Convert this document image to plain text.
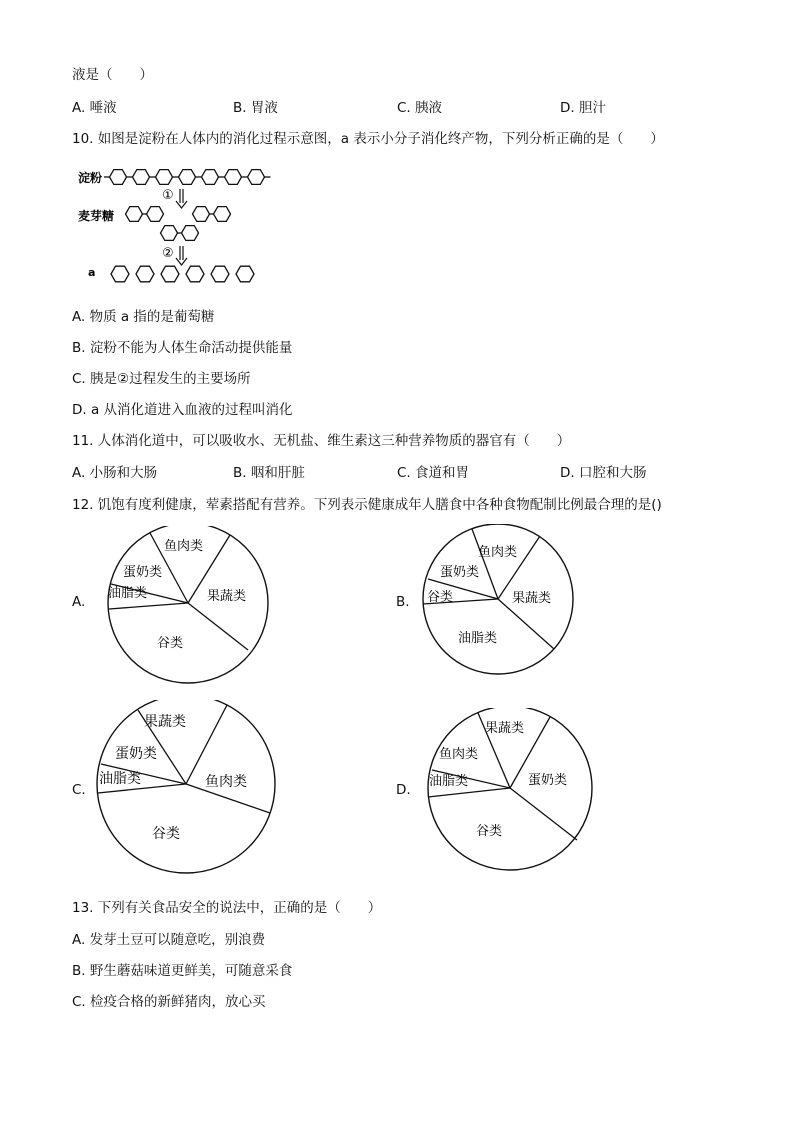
液是（　　）
A. 唾液	B. 胃液	C. 胰液	D. 胆汁
10. 如图是淀粉在人体内的消化过程示意图，a 表示小分子消化终产物，下列分析正确的是（　　）
淀粉
麦芽糖
a
①
②
A. 物质 a 指的是葡萄糖
B. 淀粉不能为人体生命活动提供能量
C. 胰是②过程发生的主要场所
D. a 从消化道进入血液的过程叫消化
11. 人体消化道中，可以吸收水、无机盐、维生素这三种营养物质的器官有（　　）
A. 小肠和大肠	B. 咽和肝脏	C. 食道和胃	D. 口腔和大肠
12. 饥饱有度利健康，荤素搭配有营养。下列表示健康成年人膳食中各种食物配制比例最合理的是()
A.
鱼肉类
蛋奶类
油脂类	果蔬类
谷类
B.
鱼肉类
蛋奶类
谷类	果蔬类
油脂类
C.
果蔬类
蛋奶类
油脂类	鱼肉类
谷类
D.
果蔬类
鱼肉类
油脂类	蛋奶类
谷类
13. 下列有关食品安全的说法中，正确的是（　　）
A. 发芽土豆可以随意吃，别浪费
B. 野生蘑菇味道更鲜美，可随意采食
C. 检疫合格的新鲜猪肉，放心买
